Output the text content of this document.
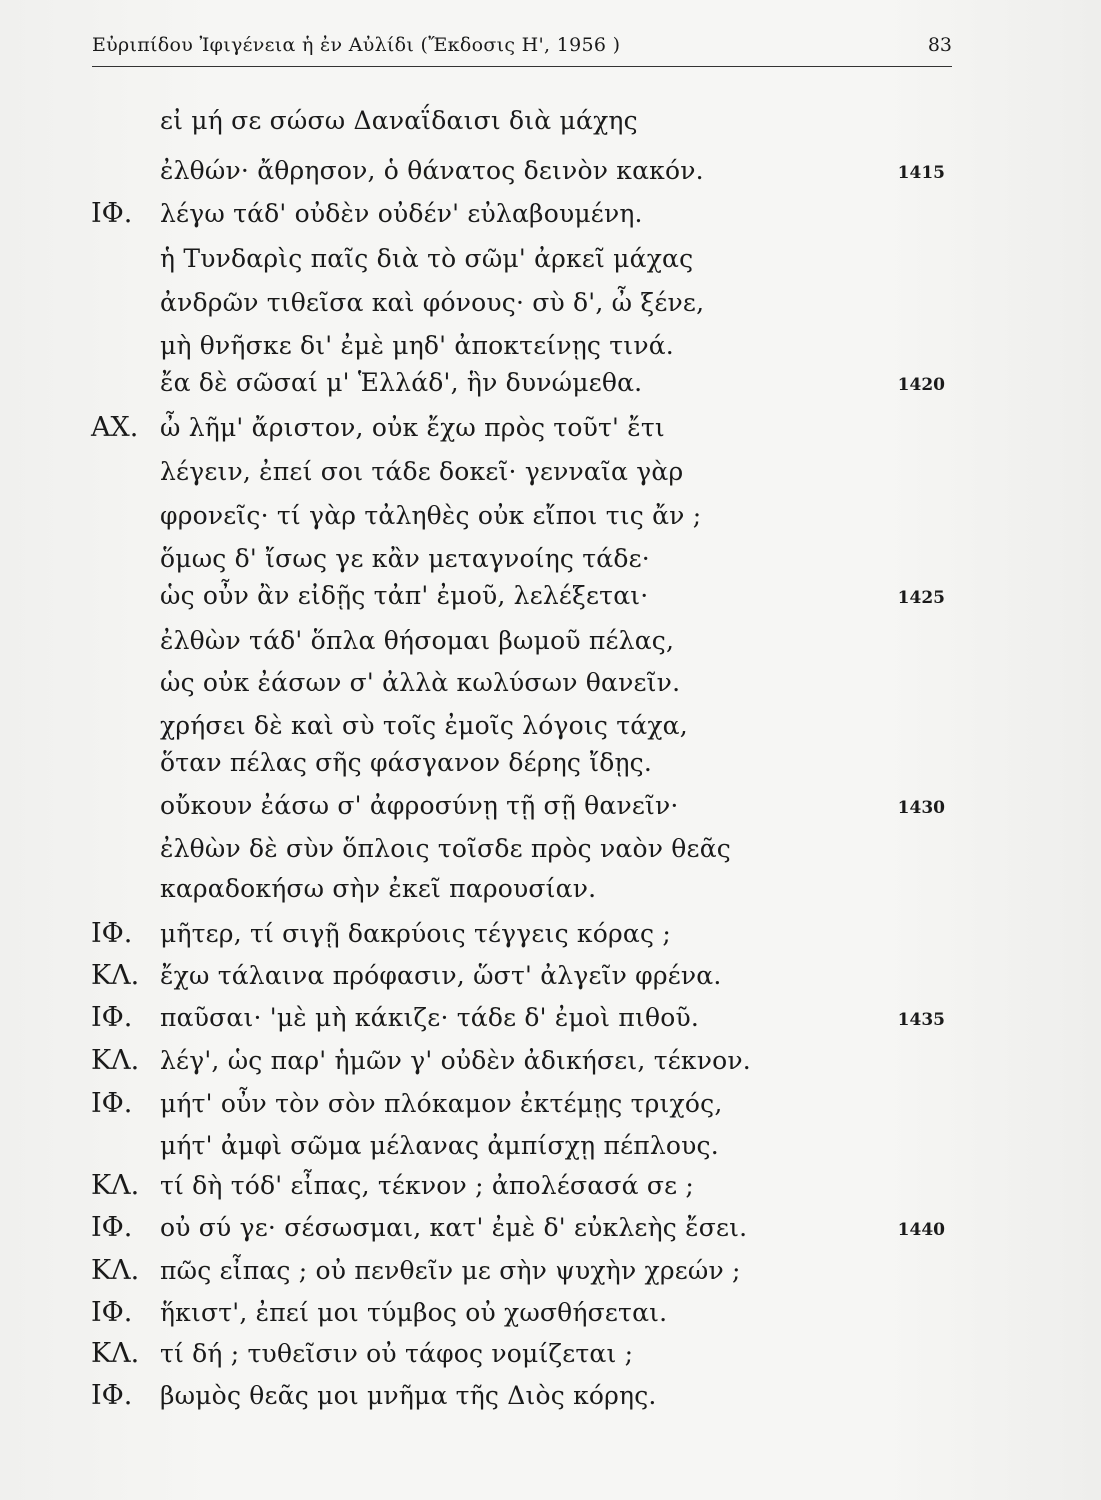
Εὐριπίδου Ἰφιγένεια ἡ ἐν Αὐλίδι (Ἔκδοσις Η', 1956 )	83
εἰ μή σε σώσω Δαναΐδαισι διὰ μάχης
ἐλθών· ἄθρησον, ὁ θάνατος δεινὸν κακόν.	1415
ΙΦ. λέγω τάδ' οὐδὲν οὐδέν' εὐλαβουμένη.
ἡ Τυνδαρὶς παῖς διὰ τὸ σῶμ' ἀρκεῖ μάχας
ἀνδρῶν τιθεῖσα καὶ φόνους· σὺ δ', ὦ ξένε,
μὴ θνῆσκε δι' ἐμὲ μηδ' ἀποκτείνῃς τινά.
ἔα δὲ σῶσαί μ' Ἑλλάδ', ἣν δυνώμεθα.	1420
ΑΧ. ὦ λῆμ' ἄριστον, οὐκ ἔχω πρὸς τοῦτ' ἔτι
λέγειν, ἐπεί σοι τάδε δοκεῖ· γενναῖα γὰρ
φρονεῖς· τί γὰρ τἀληθὲς οὐκ εἴποι τις ἄν ;
ὅμως δ' ἴσως γε κἂν μεταγνοίης τάδε·
ὡς οὖν ἂν εἰδῇς τἀπ' ἐμοῦ, λελέξεται·	1425
ἐλθὼν τάδ' ὅπλα θήσομαι βωμοῦ πέλας,
ὡς οὐκ ἐάσων σ' ἀλλὰ κωλύσων θανεῖν.
χρήσει δὲ καὶ σὺ τοῖς ἐμοῖς λόγοις τάχα,
ὅταν πέλας σῆς φάσγανον δέρης ἴδῃς.
οὔκουν ἐάσω σ' ἀφροσύνῃ τῇ σῇ θανεῖν·	1430
ἐλθὼν δὲ σὺν ὅπλοις τοῖσδε πρὸς ναὸν θεᾶς
καραδοκήσω σὴν ἐκεῖ παρουσίαν.
ΙΦ. μῆτερ, τί σιγῇ δακρύοις τέγγεις κόρας ;
ΚΛ. ἔχω τάλαινα πρόφασιν, ὥστ' ἀλγεῖν φρένα.
ΙΦ. παῦσαι· 'μὲ μὴ κάκιζε· τάδε δ' ἐμοὶ πιθοῦ.	1435
ΚΛ. λέγ', ὡς παρ' ἡμῶν γ' οὐδὲν ἀδικήσει, τέκνον.
ΙΦ. μήτ' οὖν τὸν σὸν πλόκαμον ἐκτέμῃς τριχός,
μήτ' ἀμφὶ σῶμα μέλανας ἀμπίσχῃ πέπλους.
ΚΛ. τί δὴ τόδ' εἶπας, τέκνον ; ἀπολέσασά σε ;
ΙΦ. οὐ σύ γε· σέσωσμαι, κατ' ἐμὲ δ' εὐκλεὴς ἔσει.	1440
ΚΛ. πῶς εἶπας ; οὐ πενθεῖν με σὴν ψυχὴν χρεών ;
ΙΦ. ἥκιστ', ἐπεί μοι τύμβος οὐ χωσθήσεται.
ΚΛ. τί δή ; τυθεῖσιν οὐ τάφος νομίζεται ;
ΙΦ. βωμὸς θεᾶς μοι μνῆμα τῆς Διὸς κόρης.
